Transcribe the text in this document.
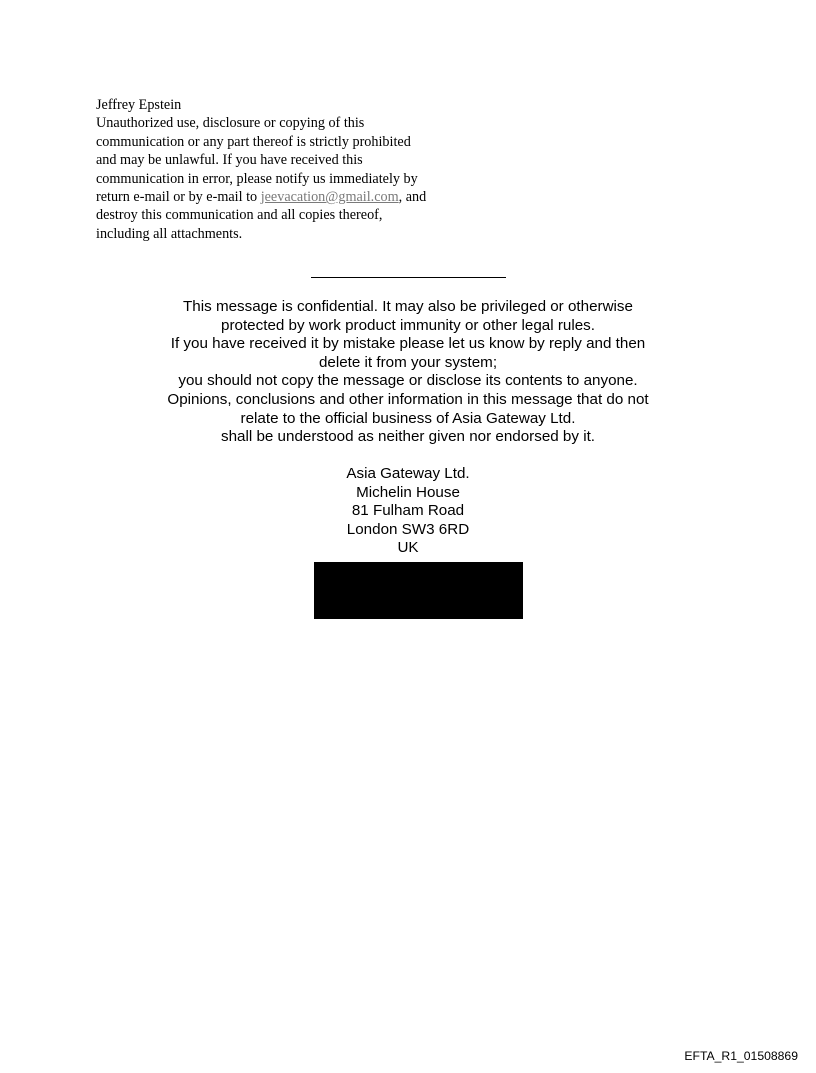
Jeffrey Epstein
Unauthorized use, disclosure or copying of this
communication or any part thereof is strictly prohibited
and may be unlawful. If you have received this
communication in error, please notify us immediately by
return e-mail or by e-mail to jeevacation@gmail.com, and
destroy this communication and all copies thereof,
including all attachments.
This message is confidential. It may also be privileged or otherwise
protected by work product immunity or other legal rules.
If you have received it by mistake please let us know by reply and then
delete it from your system;
you should not copy the message or disclose its contents to anyone.
Opinions, conclusions and other information in this message that do not
relate to the official business of Asia Gateway Ltd.
shall be understood as neither given nor endorsed by it.
Asia Gateway Ltd.
Michelin House
81 Fulham Road
London SW3 6RD
UK
EFTA_R1_01508869
